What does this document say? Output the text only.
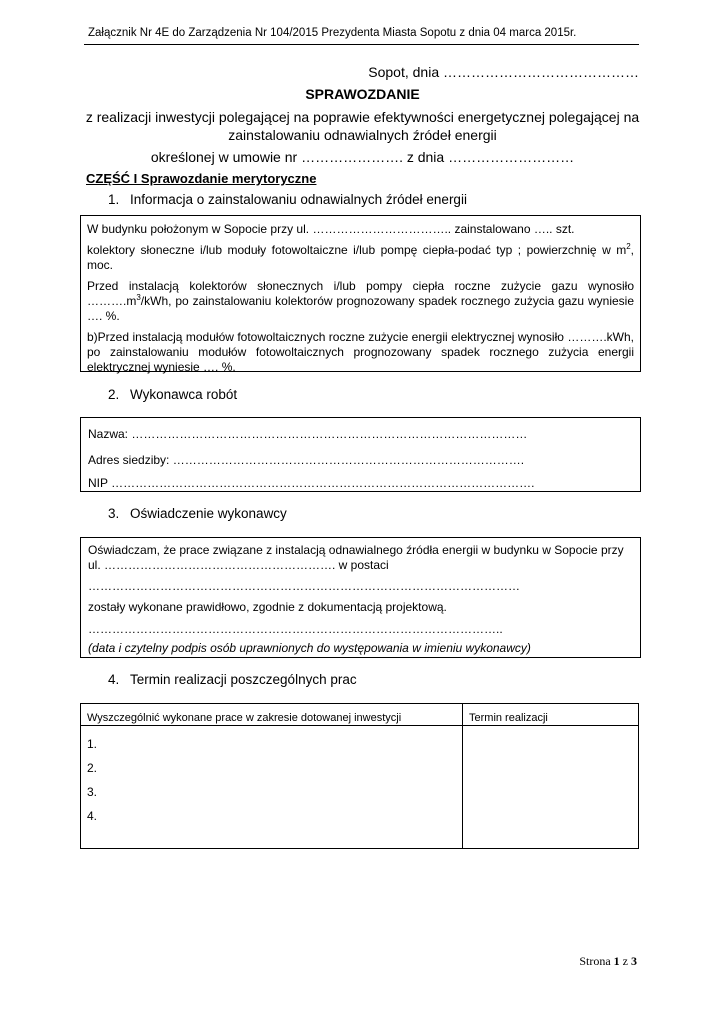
Załącznik Nr 4E do Zarządzenia Nr 104/2015 Prezydenta Miasta Sopotu z dnia 04 marca 2015r.
Sopot, dnia ……………………………………
SPRAWOZDANIE
z realizacji inwestycji polegającej na poprawie efektywności energetycznej polegającej na
zainstalowaniu odnawialnych źródeł energii
określonej w umowie nr …………………. z dnia ………………………
CZĘŚĆ I Sprawozdanie merytoryczne
1. Informacja o zainstalowaniu odnawialnych źródeł energii

W budynku położonym w Sopocie przy ul. …………………………….. zainstalowano ….. szt.

kolektory słoneczne i/lub moduły fotowoltaiczne i/lub pompę ciepła-podać typ ; powierzchnię w $m^2$, moc.

Przed instalacją kolektorów słonecznych i/lub pompy ciepła roczne zużycie gazu wynosiło $\dots\dots\dots.m^3$/kWh, po zainstalowaniu kolektorów prognozowany spadek rocznego zużycia gazu wyniesie …. %.

b)Przed instalacją modułów fotowoltaicznych roczne zużycie energii elektrycznej wynosiło ……….kWh, po zainstalowaniu modułów fotowoltaicznych prognozowany spadek rocznego zużycia energii elektrycznej wyniesie …. %.

2. Wykonawca robót
Nazwa: ………………………………………………………………………………………
Adres siedziby: …………………………………………………………………………….
NIP …………………………………………………………………………………………….
3. Oświadczenie wykonawcy
Oświadczam, że prace związane z instalacją odnawialnego źródła energii w budynku w Sopocie przy ul. …………………………………………………. w postaci
………………………………………………………………………………………………
zostały wykonane prawidłowo, zgodnie z dokumentacją projektową.
…………………………………………………………………………………………..
(data i czytelny podpis osób uprawnionych do występowania w imieniu wykonawcy)
4. Termin realizacji poszczególnych prac
Wyszczególnić wykonane prace w zakresie dotowanej inwestycji	Termin realizacji

1.
2.
3.
4.	

Strona 1 z 3
